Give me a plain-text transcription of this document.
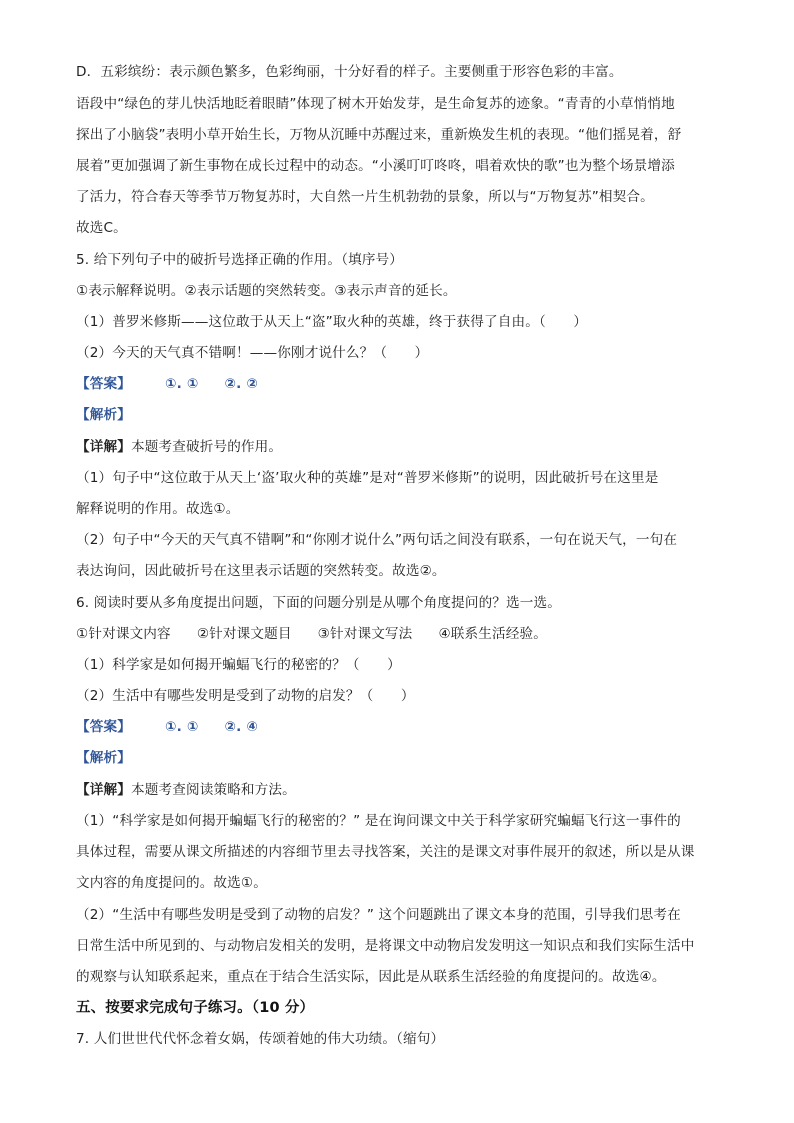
D．五彩缤纷：表示颜色繁多，色彩绚丽，十分好看的样子。主要侧重于形容色彩的丰富。
语段中“绿色的芽儿快活地眨着眼睛”体现了树木开始发芽，是生命复苏的迹象。“青青的小草悄悄地
探出了小脑袋”表明小草开始生长，万物从沉睡中苏醒过来，重新焕发生机的表现。“他们摇晃着，舒
展着”更加强调了新生事物在成长过程中的动态。“小溪叮叮咚咚，唱着欢快的歌”也为整个场景增添
了活力，符合春天等季节万物复苏时，大自然一片生机勃勃的景象，所以与“万物复苏”相契合。
故选C。
5. 给下列句子中的破折号选择正确的作用。（填序号）
①表示解释说明。②表示话题的突然转变。③表示声音的延长。
（1）普罗米修斯——这位敢于从天上“盗”取火种的英雄，终于获得了自由。（　　）
（2）今天的天气真不错啊！——你刚才说什么？（　　）
【答案】	①. ① ②. ②
【解析】
【详解】本题考查破折号的作用。
（1）句子中“这位敢于从天上‘盗’取火种的英雄”是对“普罗米修斯”的说明，因此破折号在这里是
解释说明的作用。故选①。
（2）句子中“今天的天气真不错啊”和“你刚才说什么”两句话之间没有联系，一句在说天气，一句在
表达询问，因此破折号在这里表示话题的突然转变。故选②。
6. 阅读时要从多角度提出问题，下面的问题分别是从哪个角度提问的？选一选。
①针对课文内容 ②针对课文题目 ③针对课文写法 ④联系生活经验。
（1）科学家是如何揭开蝙蝠飞行的秘密的？（　　）
（2）生活中有哪些发明是受到了动物的启发？（　　）
【答案】	①. ① ②. ④
【解析】
【详解】本题考查阅读策略和方法。
（1）“科学家是如何揭开蝙蝠飞行的秘密的？” 是在询问课文中关于科学家研究蝙蝠飞行这一事件的
具体过程，需要从课文所描述的内容细节里去寻找答案，关注的是课文对事件展开的叙述，所以是从课
文内容的角度提问的。故选①。
（2）“生活中有哪些发明是受到了动物的启发？” 这个问题跳出了课文本身的范围，引导我们思考在
日常生活中所见到的、与动物启发相关的发明，是将课文中动物启发发明这一知识点和我们实际生活中
的观察与认知联系起来，重点在于结合生活实际，因此是从联系生活经验的角度提问的。故选④。
五、按要求完成句子练习。（10 分）
7. 人们世世代代怀念着女娲，传颂着她的伟大功绩。（缩句）
